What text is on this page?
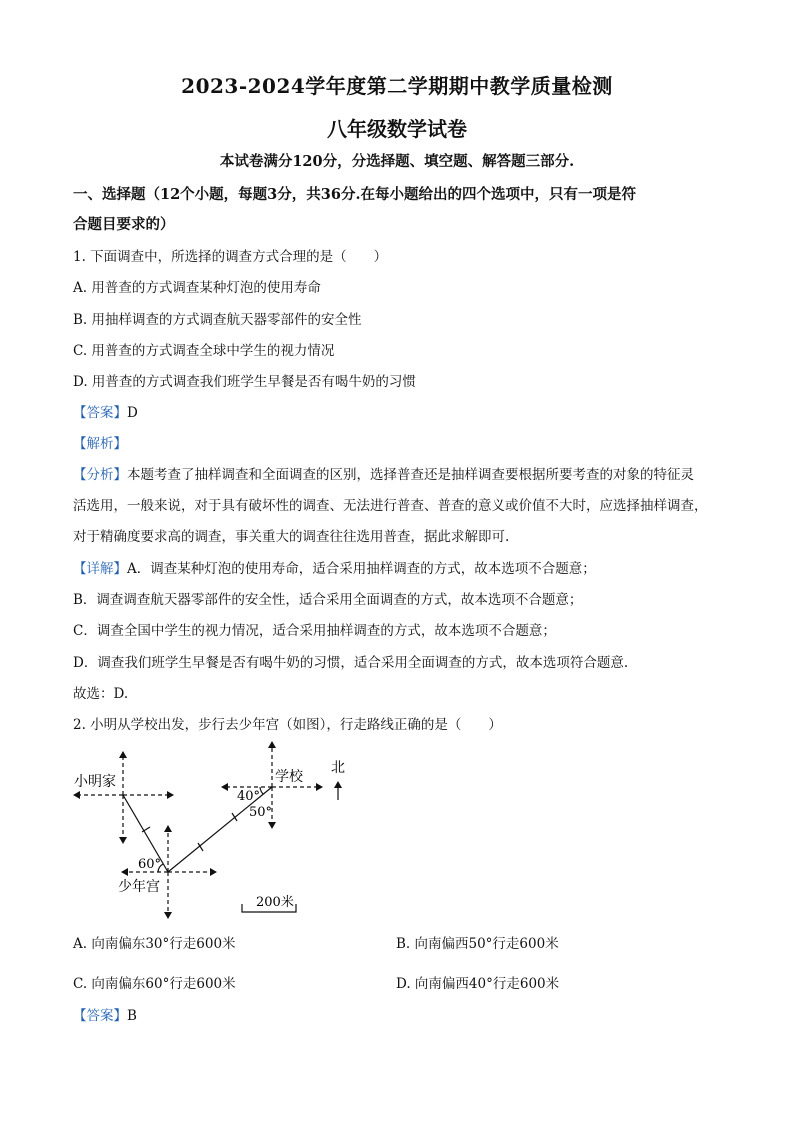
2023-2024学年度第二学期期中教学质量检测
八年级数学试卷
本试卷满分120分，分选择题、填空题、解答题三部分.
一、选择题（12个小题，每题3分，共36分.在每小题给出的四个选项中，只有一项是符
合题目要求的）
1. 下面调查中，所选择的调查方式合理的是（　　）
A. 用普查的方式调查某种灯泡的使用寿命
B. 用抽样调查的方式调查航天器零部件的安全性
C. 用普查的方式调查全球中学生的视力情况
D. 用普查的方式调查我们班学生早餐是否有喝牛奶的习惯
【答案】D
【解析】
【分析】本题考查了抽样调查和全面调查的区别，选择普查还是抽样调查要根据所要考查的对象的特征灵
活选用，一般来说，对于具有破坏性的调查、无法进行普查、普查的意义或价值不大时，应选择抽样调查，
对于精确度要求高的调查，事关重大的调查往往选用普查，据此求解即可.
【详解】A．调查某种灯泡的使用寿命，适合采用抽样调查的方式，故本选项不合题意；
B．调查调查航天器零部件的安全性，适合采用全面调查的方式，故本选项不合题意；
C．调查全国中学生的视力情况，适合采用抽样调查的方式，故本选项不合题意；
D．调查我们班学生早餐是否有喝牛奶的习惯，适合采用全面调查的方式，故本选项符合题意.
故选：D.
2. 小明从学校出发，步行去少年宫（如图），行走路线正确的是（　　）
小明家	学校
北
40°
50°
60°
少年宫
200米
A. 向南偏东30°行走600米	B. 向南偏西50°行走600米
C. 向南偏东60°行走600米	D. 向南偏西40°行走600米
【答案】B
